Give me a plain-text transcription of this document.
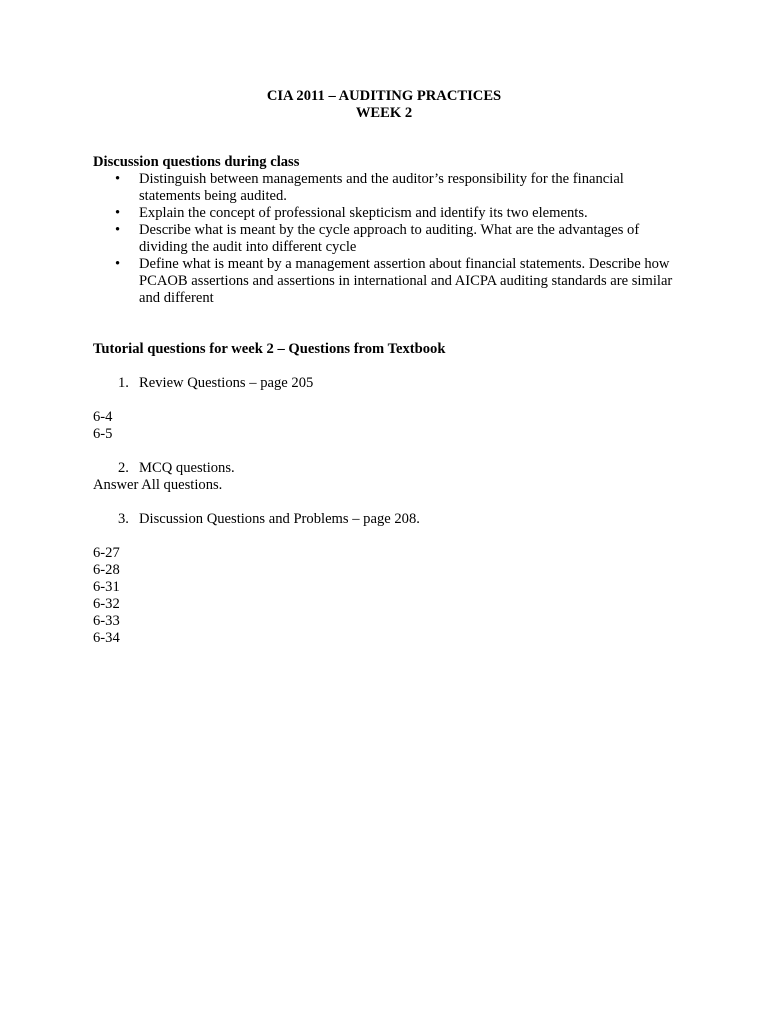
CIA 2011 – AUDITING PRACTICES
WEEK 2

Discussion questions during class

• Distinguish between managements and the auditor’s responsibility for the financial statements being audited.
• Explain the concept of professional skepticism and identify its two elements.
• Describe what is meant by the cycle approach to auditing. What are the advantages of dividing the audit into different cycle
• Define what is meant by a management assertion about financial statements. Describe how PCAOB assertions and assertions in international and AICPA auditing standards are similar and different

Tutorial questions for week 2 – Questions from Textbook

1. Review Questions – page 205

6-4

6-5

2. MCQ questions.

Answer All questions.

3. Discussion Questions and Problems – page 208.

6-27

6-28

6-31

6-32

6-33

6-34
